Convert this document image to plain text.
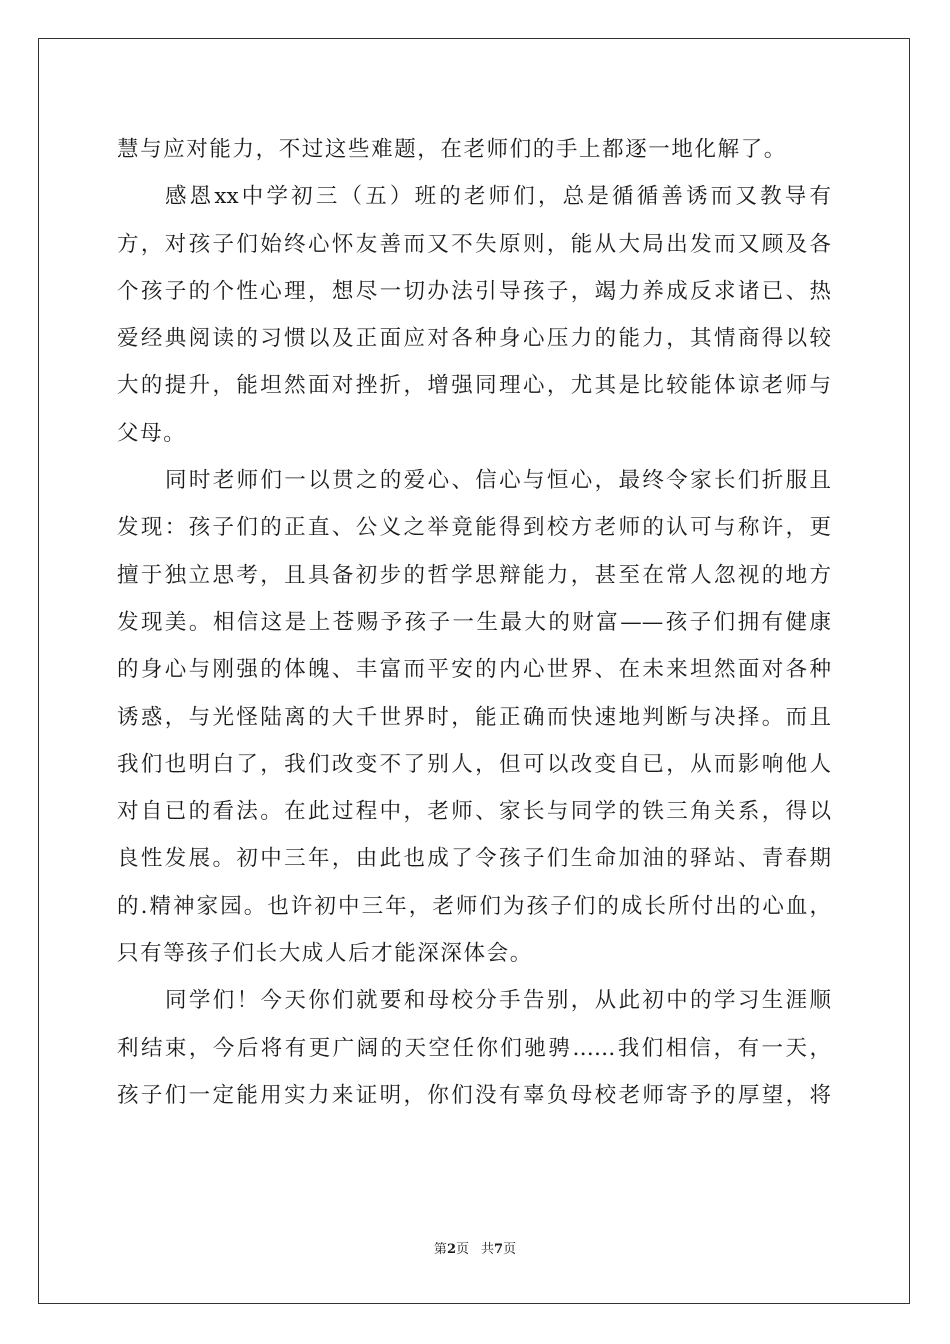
慧与应对能力，不过这些难题，在老师们的手上都逐一地化解了。
感恩xx中学初三（五）班的老师们，总是循循善诱而又教导有
方，对孩子们始终心怀友善而又不失原则，能从大局出发而又顾及各
个孩子的个性心理，想尽一切办法引导孩子，竭力养成反求诸已、热
爱经典阅读的习惯以及正面应对各种身心压力的能力，其情商得以较
大的提升，能坦然面对挫折，增强同理心，尤其是比较能体谅老师与
父母。
同时老师们一以贯之的爱心、信心与恒心，最终令家长们折服且
发现：孩子们的正直、公义之举竟能得到校方老师的认可与称许，更
擅于独立思考，且具备初步的哲学思辩能力，甚至在常人忽视的地方
发现美。相信这是上苍赐予孩子一生最大的财富——孩子们拥有健康
的身心与刚强的体魄、丰富而平安的内心世界、在未来坦然面对各种
诱惑，与光怪陆离的大千世界时，能正确而快速地判断与决择。而且
我们也明白了，我们改变不了别人，但可以改变自已，从而影响他人
对自已的看法。在此过程中，老师、家长与同学的铁三角关系，得以
良性发展。初中三年，由此也成了令孩子们生命加油的驿站、青春期
的.精神家园。也许初中三年，老师们为孩子们的成长所付出的心血，
只有等孩子们长大成人后才能深深体会。
同学们！今天你们就要和母校分手告别，从此初中的学习生涯顺
利结束，今后将有更广阔的天空任你们驰骋……我们相信，有一天，
孩子们一定能用实力来证明，你们没有辜负母校老师寄予的厚望，将
第2页 共7页
